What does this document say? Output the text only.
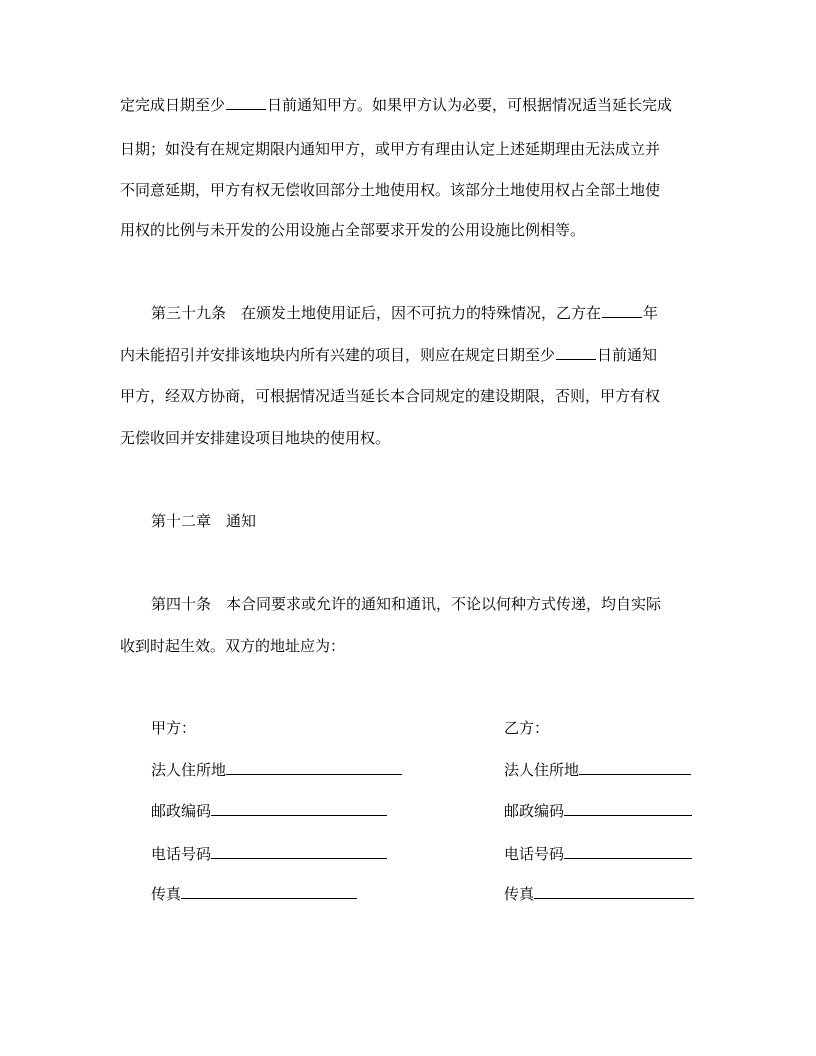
定完成日期至少	日前通知甲方。如果甲方认为必要，可根据情况适当延长完成
日期；如没有在规定期限内通知甲方，或甲方有理由认定上述延期理由无法成立并
不同意延期，甲方有权无偿收回部分土地使用权。该部分土地使用权占全部土地使
用权的比例与未开发的公用设施占全部要求开发的公用设施比例相等。
第三十九条　在颁发土地使用证后，因不可抗力的特殊情况，乙方在	年
内未能招引并安排该地块内所有兴建的项目，则应在规定日期至少	日前通知
甲方，经双方协商，可根据情况适当延长本合同规定的建设期限，否则，甲方有权
无偿收回并安排建设项目地块的使用权。
第十二章　通知
第四十条　本合同要求或允许的通知和通讯，不论以何种方式传递，均自实际
收到时起生效。双方的地址应为：
甲方：
法人住所地
邮政编码
电话号码
传真
乙方：
法人住所地
邮政编码
电话号码
传真
